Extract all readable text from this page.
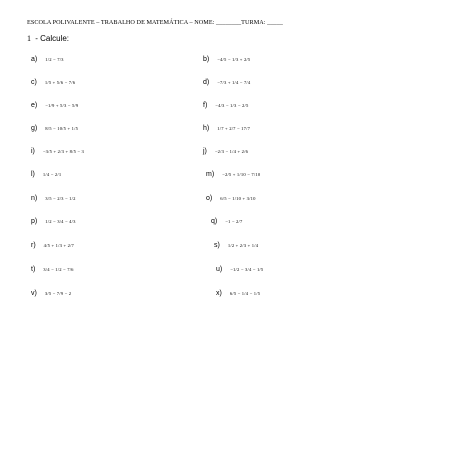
ESCOLA POLIVALENTE – TRABALHO DE MATEMÁTICA – NOME: ________TURMA: _____
1 - Calcule:
a) 1/2 − 7/3
c) 1/5 + 5/6 − 7/6
e) −1/9 + 5/3 − 5/9
g) 8/5 − 10/5 + 1/5
i) −3/5 + 2/3 + 8/5 − 3
l) 1/4 − 2/1
n) 3/5 − 2/3 − 1/2
p) 1/2 − 3/4 − 4/3
r) 4/5 + 1/3 + 2/7
t) 3/4 − 1/2 − 7/6
v) 3/5 − 7/9 − 2
b) −4/5 − 1/3 + 2/5
d) −7/3 + 1/4 − 7/4
f) −4/3 − 1/3 − 2/5
h) 1/7 + 2/7 − 17/7
j) −2/3 − 1/4 + 2/6
m) −2/5 + 1/10 − 7/10
o) 6/5 − 1/10 + 3/10
q) −1 − 2/7
s) 1/2 + 2/3 + 1/4
u) −1/2 − 3/4 − 1/5
x) 6/5 − 1/4 − 1/5
